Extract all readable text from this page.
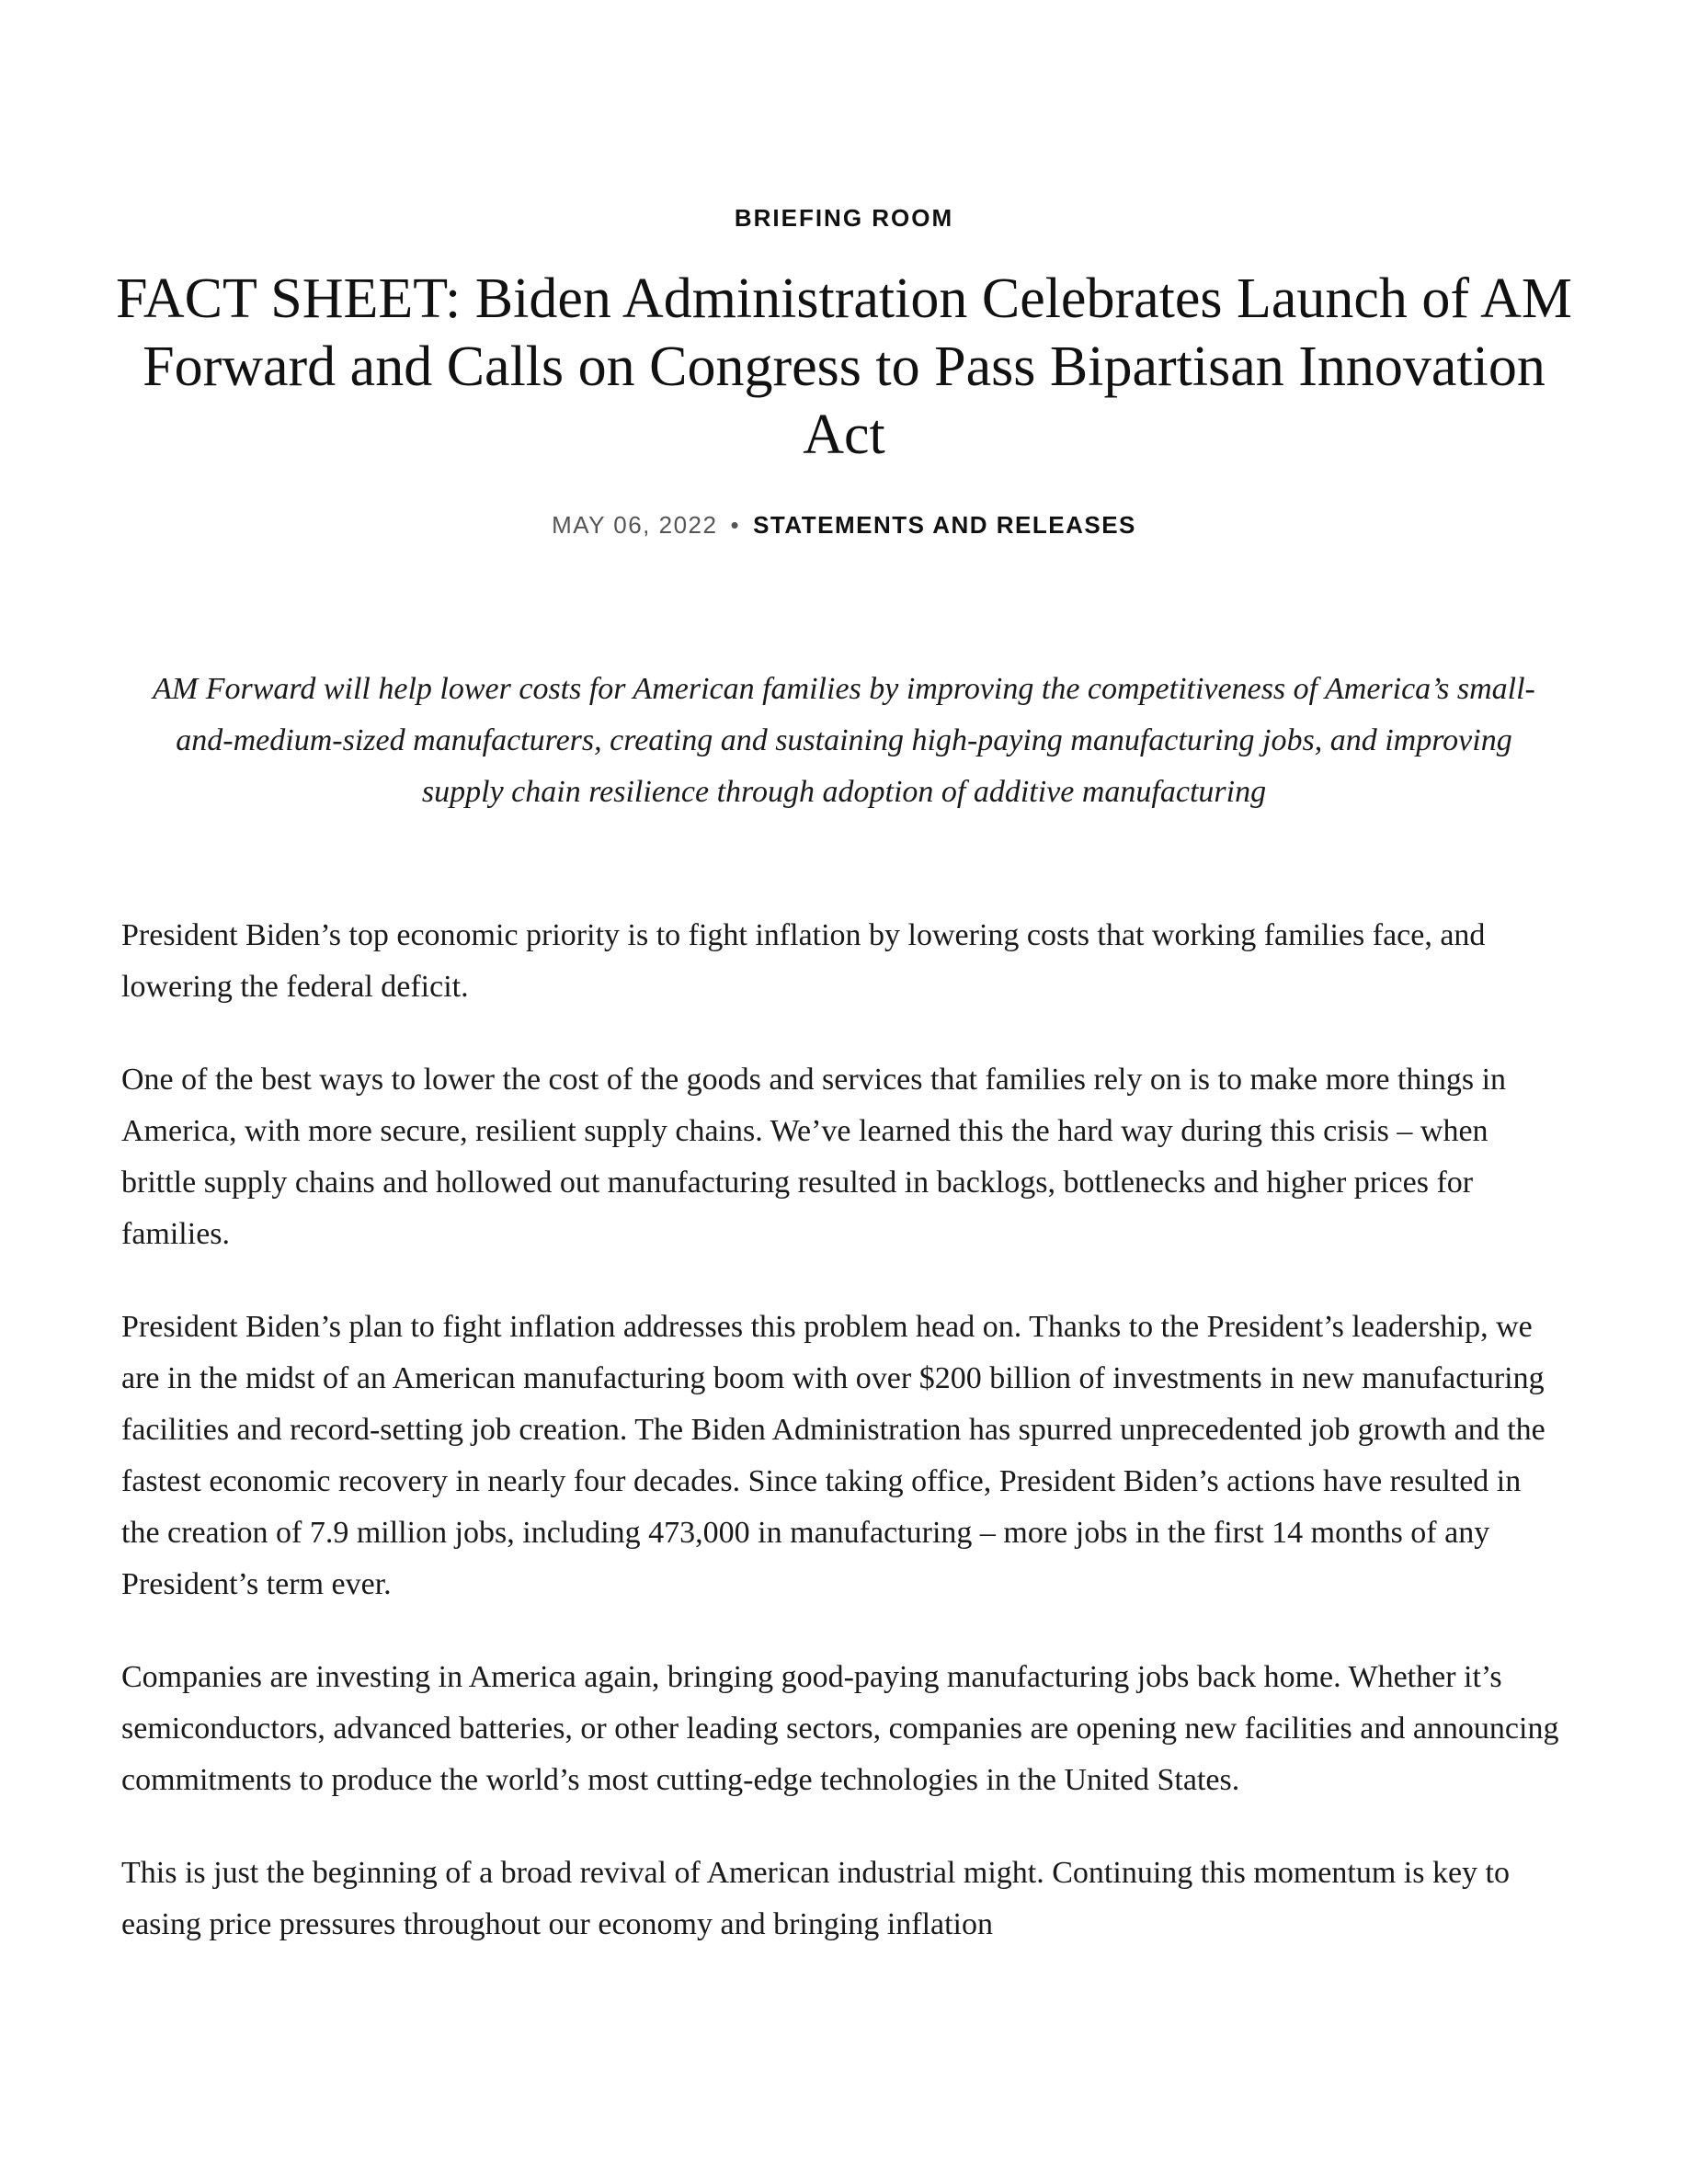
BRIEFING ROOM
FACT SHEET: Biden Administration Celebrates Launch of AM Forward and Calls on Congress to Pass Bipartisan Innovation Act
MAY 06, 2022 • STATEMENTS AND RELEASES

AM Forward will help lower costs for American families by improving the competitiveness of America’s small-and-medium-sized manufacturers, creating and sustaining high-paying manufacturing jobs, and improving supply chain resilience through adoption of additive manufacturing

President Biden’s top economic priority is to fight inflation by lowering costs that working families face, and lowering the federal deficit.

One of the best ways to lower the cost of the goods and services that families rely on is to make more things in America, with more secure, resilient supply chains. We’ve learned this the hard way during this crisis – when brittle supply chains and hollowed out manufacturing resulted in backlogs, bottlenecks and higher prices for families.

President Biden’s plan to fight inflation addresses this problem head on. Thanks to the President’s leadership, we are in the midst of an American manufacturing boom with over $200 billion of investments in new manufacturing facilities and record-setting job creation. The Biden Administration has spurred unprecedented job growth and the fastest economic recovery in nearly four decades. Since taking office, President Biden’s actions have resulted in the creation of 7.9 million jobs, including 473,000 in manufacturing – more jobs in the first 14 months of any President’s term ever.

Companies are investing in America again, bringing good-paying manufacturing jobs back home. Whether it’s semiconductors, advanced batteries, or other leading sectors, companies are opening new facilities and announcing commitments to produce the world’s most cutting-edge technologies in the United States.

This is just the beginning of a broad revival of American industrial might. Continuing this momentum is key to easing price pressures throughout our economy and bringing inflation
